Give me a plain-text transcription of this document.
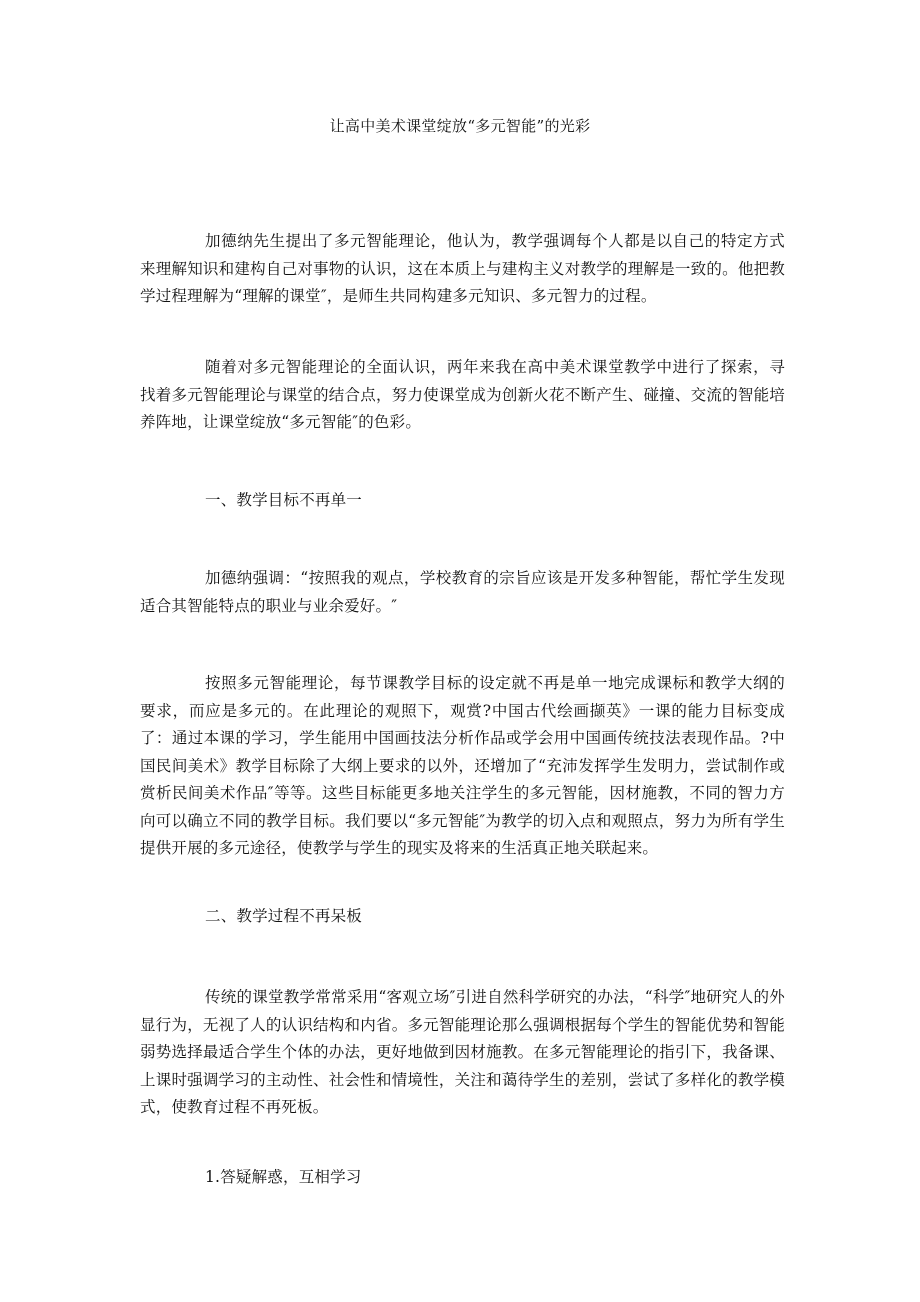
让高中美术课堂绽放“多元智能”的光彩

加德纳先生提出了多元智能理论，他认为，教学强调每个人都是以自己的特定方式来理解知识和建构自己对事物的认识，这在本质上与建构主义对教学的理解是一致的。他把教学过程理解为“理解的课堂″，是师生共同构建多元知识、多元智力的过程。

随着对多元智能理论的全面认识，两年来我在高中美术课堂教学中进行了探索，寻找着多元智能理论与课堂的结合点，努力使课堂成为创新火花不断产生、碰撞、交流的智能培养阵地，让课堂绽放“多元智能″的色彩。

一、教学目标不再单一

加德纳强调：“按照我的观点，学校教育的宗旨应该是开发多种智能，帮忙学生发现适合其智能特点的职业与业余爱好。″

按照多元智能理论，每节课教学目标的设定就不再是单一地完成课标和教学大纲的要求，而应是多元的。在此理论的观照下，观赏?中国古代绘画撷英》一课的能力目标变成了：通过本课的学习，学生能用中国画技法分析作品或学会用中国画传统技法表现作品。?中国民间美术》教学目标除了大纲上要求的以外，还增加了“充沛发挥学生发明力，尝试制作或赏析民间美术作品″等等。这些目标能更多地关注学生的多元智能，因材施教，不同的智力方向可以确立不同的教学目标。我们要以“多元智能″为教学的切入点和观照点，努力为所有学生提供开展的多元途径，使教学与学生的现实及将来的生活真正地关联起来。

二、教学过程不再呆板

传统的课堂教学常常采用“客观立场″引进自然科学研究的办法，“科学″地研究人的外显行为，无视了人的认识结构和内省。多元智能理论那么强调根据每个学生的智能优势和智能弱势选择最适合学生个体的办法，更好地做到因材施教。在多元智能理论的指引下，我备课、上课时强调学习的主动性、社会性和情境性，关注和蔼待学生的差别，尝试了多样化的教学模式，使教育过程不再死板。

1.答疑解惑，互相学习
